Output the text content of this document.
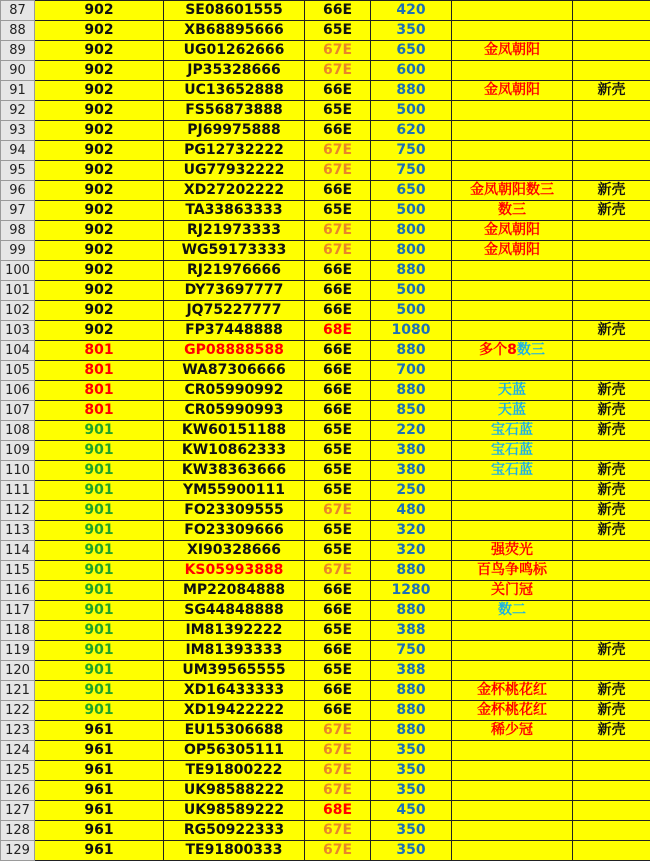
87	902	SE08601555	66E	420		
88	902	XB68895666	65E	350		
89	902	UG01262666	67E	650	金凤朝阳	
90	902	JP35328666	67E	600		
91	902	UC13652888	66E	880	金凤朝阳	新壳
92	902	FS56873888	65E	500		
93	902	PJ69975888	66E	620		
94	902	PG12732222	67E	750		
95	902	UG77932222	67E	750		
96	902	XD27202222	66E	650	金凤朝阳数三	新壳
97	902	TA33863333	65E	500	数三	新壳
98	902	RJ21973333	67E	800	金凤朝阳	
99	902	WG59173333	67E	800	金凤朝阳	
100	902	RJ21976666	66E	880		
101	902	DY73697777	66E	500		
102	902	JQ75227777	66E	500		
103	902	FP37448888	68E	1080		新壳
104	801	GP08888588	66E	880	多个8数三	
105	801	WA87306666	66E	700		
106	801	CR05990992	66E	880	天蓝	新壳
107	801	CR05990993	66E	850	天蓝	新壳
108	901	KW60151188	65E	220	宝石蓝	新壳
109	901	KW10862333	65E	380	宝石蓝	
110	901	KW38363666	65E	380	宝石蓝	新壳
111	901	YM55900111	65E	250		新壳
112	901	FO23309555	67E	480		新壳
113	901	FO23309666	65E	320		新壳
114	901	XI90328666	65E	320	强荧光	
115	901	KS05993888	67E	880	百鸟争鸣标	
116	901	MP22084888	66E	1280	关门冠	
117	901	SG44848888	66E	880	数二	
118	901	IM81392222	65E	388		
119	901	IM81393333	66E	750		新壳
120	901	UM39565555	65E	388		
121	901	XD16433333	66E	880	金杯桃花红	新壳
122	901	XD19422222	66E	880	金杯桃花红	新壳
123	961	EU15306688	67E	880	稀少冠	新壳
124	961	OP56305111	67E	350		
125	961	TE91800222	67E	350		
126	961	UK98588222	67E	350		
127	961	UK98589222	68E	450		
128	961	RG50922333	67E	350		
129	961	TE91800333	67E	350		
